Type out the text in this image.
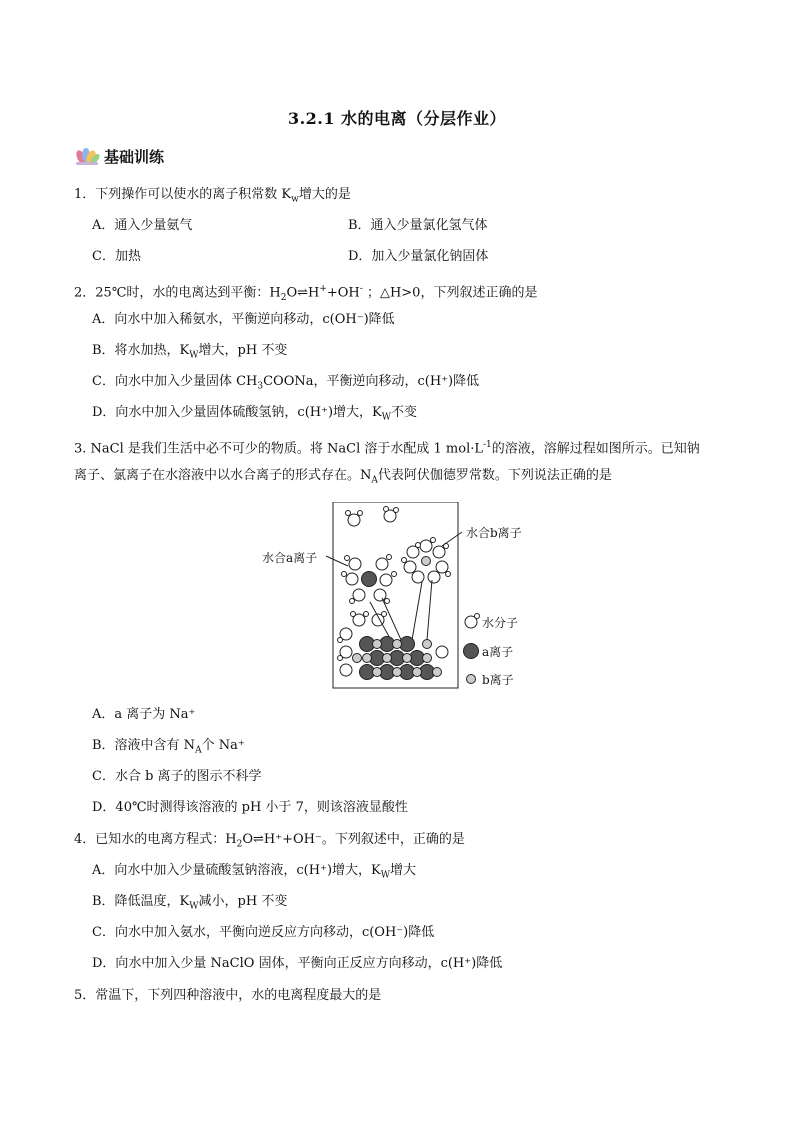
3.2.1 水的电离（分层作业）
基础训练
1．下列操作可以使水的离子积常数 $K_w$增大的是
A．通入少量氨气	B．通入少量氯化氢气体
C．加热	D．加入少量氯化钠固体
2．25℃时，水的电离达到平衡：$H_2O\rightleftharpoons H^++OH^-$ ；△H>0，下列叙述正确的是
A．向水中加入稀氨水，平衡逆向移动，c(OH⁻)降低
B．将水加热，$K_W$增大，pH 不变
C．向水中加入少量固体 $CH_3COONa$，平衡逆向移动，c(H⁺)降低
D．向水中加入少量固体硫酸氢钠，c(H⁺)增大，$K_W$不变
3. NaCl 是我们生活中必不可少的物质。将 NaCl 溶于水配成 1 $mol\cdot L^{-1}$的溶液，溶解过程如图所示。已知钠
离子、氯离子在水溶液中以水合离子的形式存在。$N_A$代表阿伏伽德罗常数。下列说法正确的是
水合a离子
水合b离子
水分子
a离子
b离子
A．a 离子为 Na⁺
B．溶液中含有 $N_A$个 Na⁺
C．水合 b 离子的图示不科学
D．40℃时测得该溶液的 pH 小于 7，则该溶液显酸性
4．已知水的电离方程式：$H_2O\rightleftharpoons H^++OH^-$。下列叙述中，正确的是
A．向水中加入少量硫酸氢钠溶液，c(H⁺)增大，$K_W$增大
B．降低温度，$K_W$减小，pH 不变
C．向水中加入氨水，平衡向逆反应方向移动，c(OH⁻)降低
D．向水中加入少量 NaClO 固体，平衡向正反应方向移动，c(H⁺)降低
5．常温下，下列四种溶液中，水的电离程度最大的是
